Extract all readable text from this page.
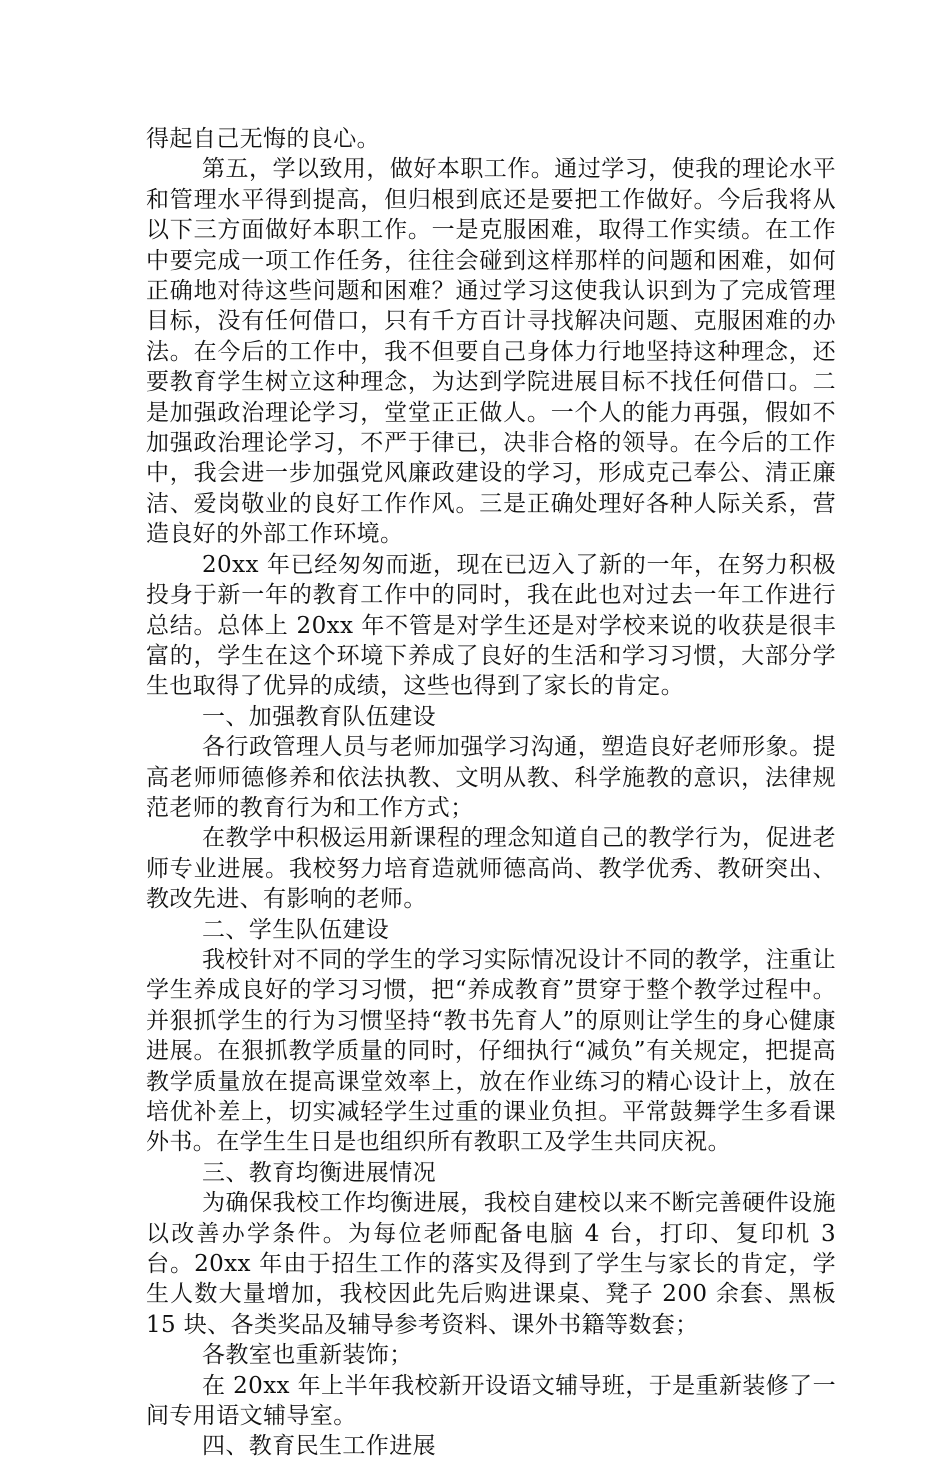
得起自己无悔的良心。

第五，学以致用，做好本职工作。通过学习，使我的理论水平和管理水平得到提高，但归根到底还是要把工作做好。今后我将从以下三方面做好本职工作。一是克服困难，取得工作实绩。在工作中要完成一项工作任务，往往会碰到这样那样的问题和困难，如何正确地对待这些问题和困难？通过学习这使我认识到为了完成管理目标，没有任何借口，只有千方百计寻找解决问题、克服困难的办法。在今后的工作中，我不但要自己身体力行地坚持这种理念，还要教育学生树立这种理念，为达到学院进展目标不找任何借口。二是加强政治理论学习，堂堂正正做人。一个人的能力再强，假如不加强政治理论学习，不严于律已，决非合格的领导。在今后的工作中，我会进一步加强党风廉政建设的学习，形成克己奉公、清正廉洁、爱岗敬业的良好工作作风。三是正确处理好各种人际关系，营造良好的外部工作环境。

20xx 年已经匆匆而逝，现在已迈入了新的一年，在努力积极投身于新一年的教育工作中的同时，我在此也对过去一年工作进行总结。总体上 20xx 年不管是对学生还是对学校来说的收获是很丰富的，学生在这个环境下养成了良好的生活和学习习惯，大部分学生也取得了优异的成绩，这些也得到了家长的肯定。

一、加强教育队伍建设

各行政管理人员与老师加强学习沟通，塑造良好老师形象。提高老师师德修养和依法执教、文明从教、科学施教的意识，法律规范老师的教育行为和工作方式；

在教学中积极运用新课程的理念知道自己的教学行为，促进老师专业进展。我校努力培育造就师德高尚、教学优秀、教研突出、教改先进、有影响的老师。

二、学生队伍建设

我校针对不同的学生的学习实际情况设计不同的教学，注重让学生养成良好的学习习惯，把“养成教育”贯穿于整个教学过程中。并狠抓学生的行为习惯坚持“教书先育人”的原则让学生的身心健康进展。在狠抓教学质量的同时，仔细执行“减负”有关规定，把提高教学质量放在提高课堂效率上，放在作业练习的精心设计上，放在培优补差上，切实减轻学生过重的课业负担。平常鼓舞学生多看课外书。在学生生日是也组织所有教职工及学生共同庆祝。

三、教育均衡进展情况

为确保我校工作均衡进展，我校自建校以来不断完善硬件设施以改善办学条件。为每位老师配备电脑 4 台，打印、复印机 3 台。20xx 年由于招生工作的落实及得到了学生与家长的肯定，学生人数大量增加，我校因此先后购进课桌、凳子 200 余套、黑板 15 块、各类奖品及辅导参考资料、课外书籍等数套；

各教室也重新装饰；

在 20xx 年上半年我校新开设语文辅导班，于是重新装修了一间专用语文辅导室。

四、教育民生工作进展
